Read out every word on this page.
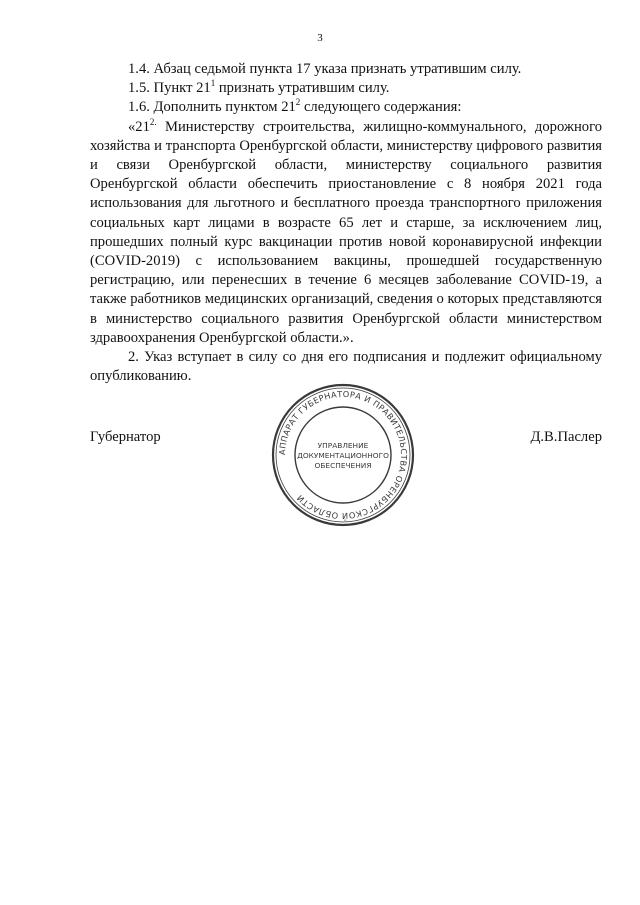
3

1.4. Абзац седьмой пункта 17 указа признать утратившим силу.

1.5. Пункт $21^1$ признать утратившим силу.

1.6. Дополнить пунктом $21^2$ следующего содержания:

«$21^{2.}$ Министерству строительства, жилищно-коммунального, дорожного хозяйства и транспорта Оренбургской области, министерству цифрового развития и связи Оренбургской области, министерству социального развития Оренбургской области обеспечить приостановление с 8 ноября 2021 года использования для льготного и бесплатного проезда транспортного приложения социальных карт лицами в возрасте 65 лет и старше, за исключением лиц, прошедших полный курс вакцинации против новой коронавирусной инфекции (COVID-2019) с использованием вакцины, прошедшей государственную регистрацию, или перенесших в течение 6 месяцев заболевание COVID-19, а также работников медицинских организаций, сведения о которых представляются в министерство социального развития Оренбургской области министерством здравоохранения Оренбургской области.».

2. Указ вступает в силу со дня его подписания и подлежит официальному опубликованию.

Губернатор	Д.В.Паслер
АППАРАТ ГУБЕРНАТОРА И ПРАВИТЕЛЬСТВА ОРЕНБУРГСКОЙ ОБЛАСТИ
УПРАВЛЕНИЕ
ДОКУМЕНТАЦИОННОГО
ОБЕСПЕЧЕНИЯ
